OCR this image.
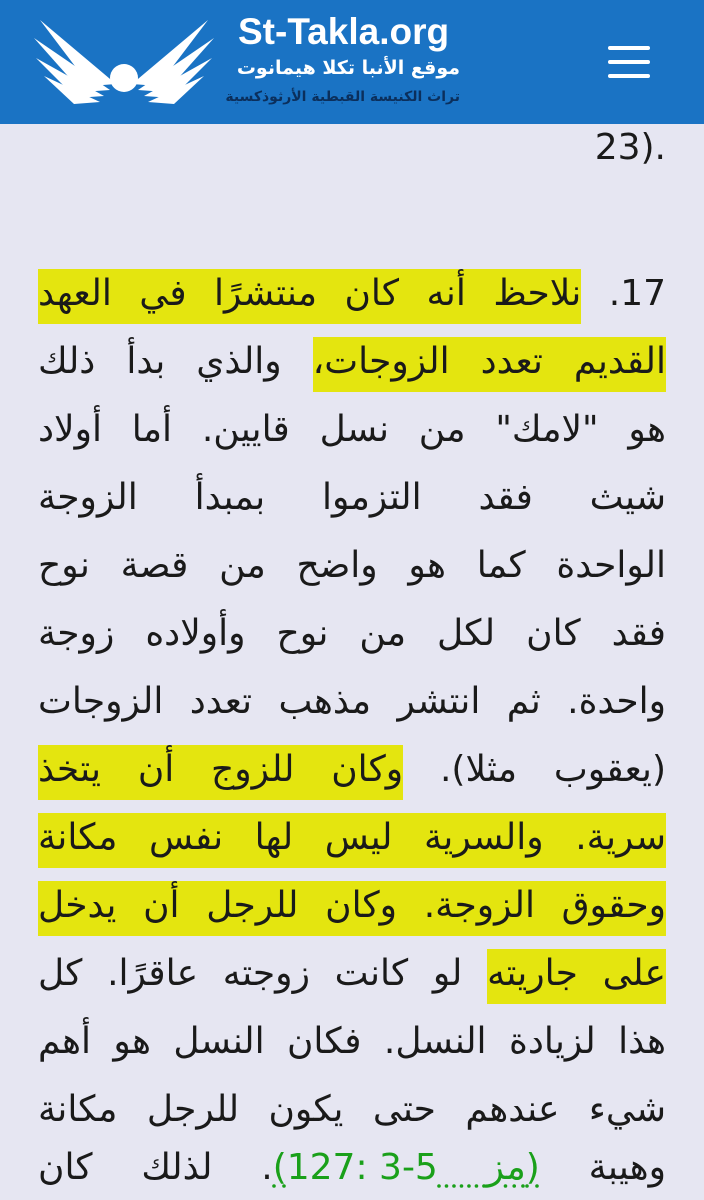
St-Takla.org
موقع الأنبا تكلا هيمانوت
تراث الكنيسة القبطية الأرثوذكسية
23).
17. نلاحظ أنه كان منتشرًا في العهد
القديم تعدد الزوجات، والذي بدأ ذلك
هو "لامك" من نسل قايين. أما أولاد
شيث فقد التزموا بمبدأ الزوجة
الواحدة كما هو واضح من قصة نوح
فقد كان لكل من نوح وأولاده زوجة
واحدة. ثم انتشر مذهب تعدد الزوجات
(يعقوب مثلا). وكان للزوج أن يتخذ
سرية. والسرية ليس لها نفس مكانة
وحقوق الزوجة. وكان للرجل أن يدخل
على جاريته لو كانت زوجته عاقرًا. كل
هذا لزيادة النسل. فكان النسل هو أهم
شيء عندهم حتى يكون للرجل مكانة
وهيبة (مز 127: 3-5). لذلك كان
